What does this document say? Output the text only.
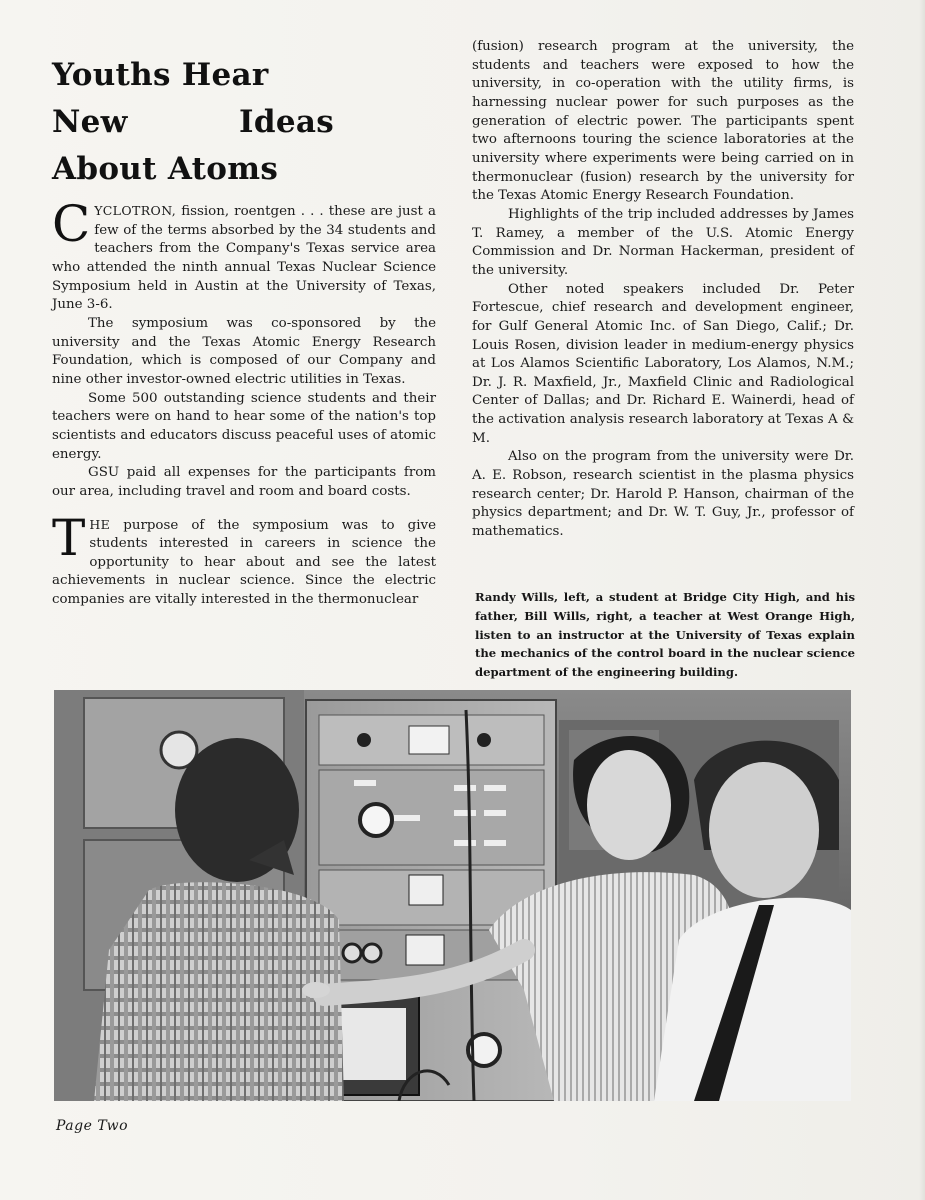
Youths Hear
New	Ideas
About Atoms

CYCLOTRON, fission, roentgen . . . these are just a few of the terms absorbed by the 34 students and teachers from the Company's Texas service area who attended the ninth annual Texas Nuclear Science Symposium held in Austin at the University of Texas, June 3-6.

The symposium was co-sponsored by the university and the Texas Atomic Energy Research Foundation, which is composed of our Company and nine other investor-owned electric utilities in Texas.

Some 500 outstanding science students and their teachers were on hand to hear some of the nation's top scientists and educators discuss peaceful uses of atomic energy.

GSU paid all expenses for the participants from our area, including travel and room and board costs.

THE purpose of the symposium was to give students interested in careers in science the opportunity to hear about and see the latest achievements in nuclear science. Since the electric companies are vitally interested in the thermonuclear

(fusion) research program at the university, the students and teachers were exposed to how the university, in co-operation with the utility firms, is harnessing nuclear power for such purposes as the generation of electric power. The participants spent two afternoons touring the science laboratories at the university where experiments were being carried on in thermonuclear (fusion) research by the university for the Texas Atomic Energy Research Foundation.

Highlights of the trip included addresses by James T. Ramey, a member of the U.S. Atomic Energy Commission and Dr. Norman Hackerman, president of the university.

Other noted speakers included Dr. Peter Fortescue, chief research and development engineer, for Gulf General Atomic Inc. of San Diego, Calif.; Dr. Louis Rosen, division leader in medium-energy physics at Los Alamos Scientific Laboratory, Los Alamos, N.M.; Dr. J. R. Maxfield, Jr., Maxfield Clinic and Radiological Center of Dallas; and Dr. Richard E. Wainerdi, head of the activation analysis research laboratory at Texas A & M.

Also on the program from the university were Dr. A. E. Robson, research scientist in the plasma physics research center; Dr. Harold P. Hanson, chairman of the physics department; and Dr. W. T. Guy, Jr., professor of mathematics.

Randy Wills, left, a student at Bridge City High, and his father, Bill Wills, right, a teacher at West Orange High, listen to an instructor at the University of Texas explain the mechanics of the control board in the nuclear science department of the engineering building.
Page Two
